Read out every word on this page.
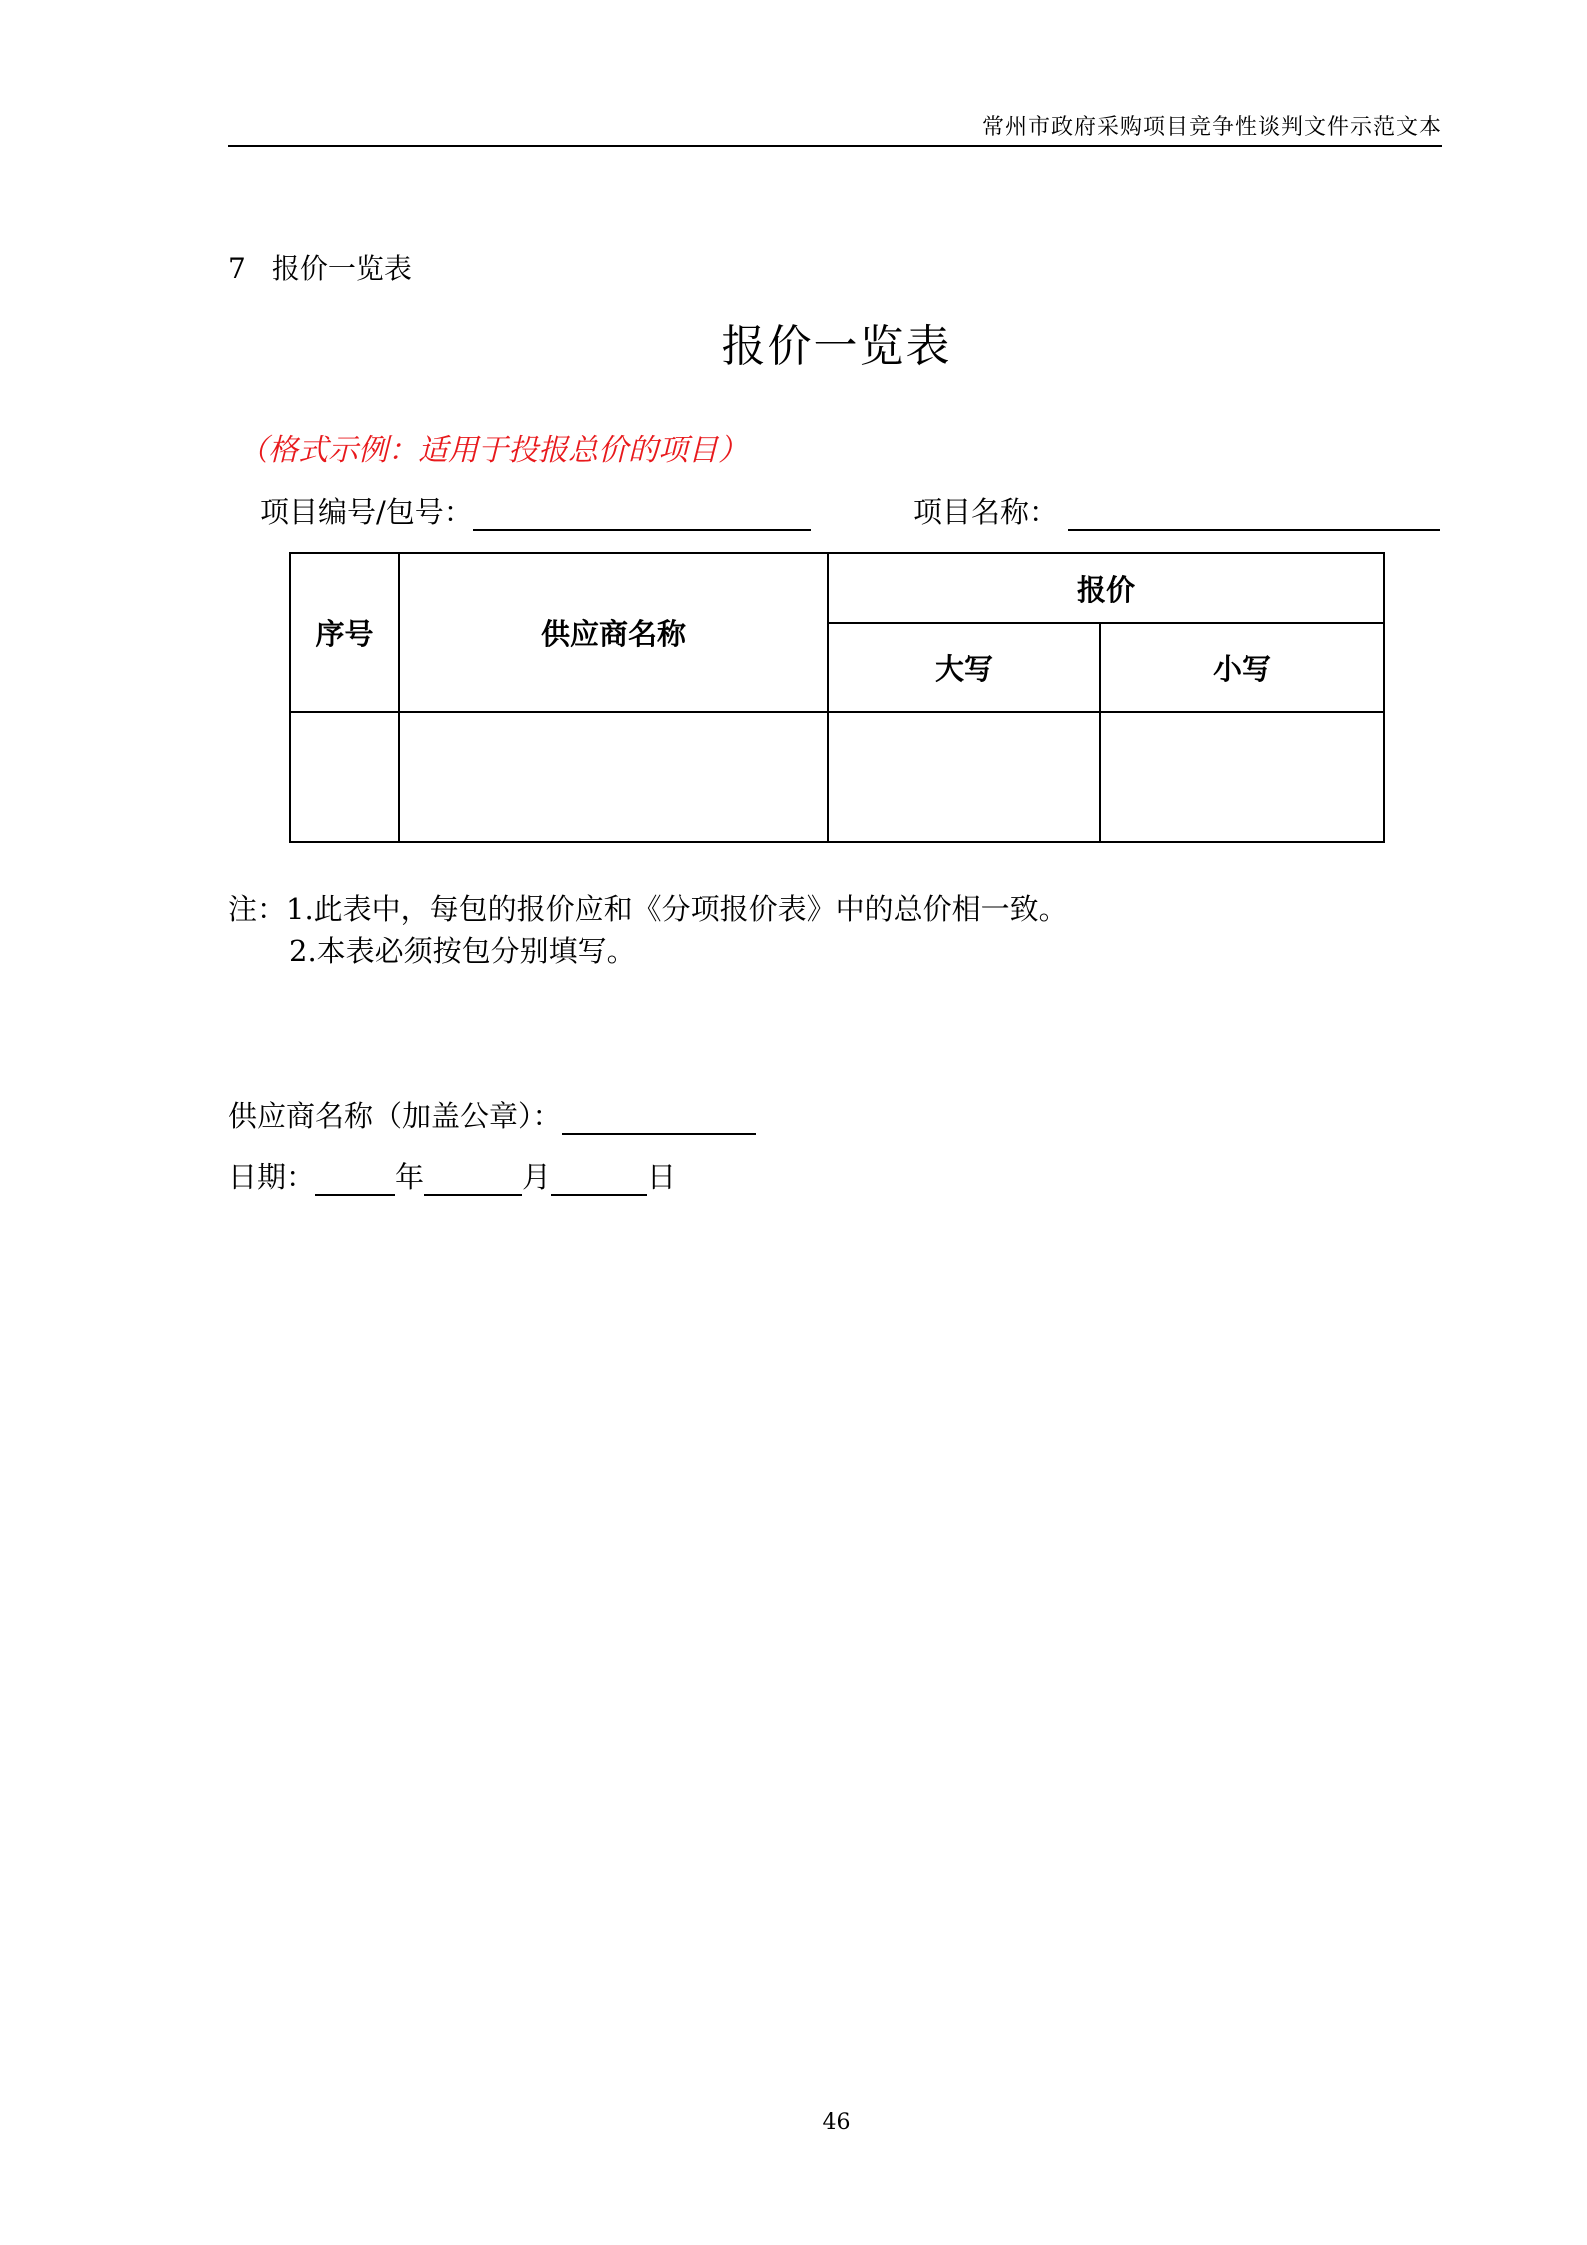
常州市政府采购项目竞争性谈判文件示范文本
7 报价一览表
报价一览表
（格式示例：适用于投报总价的项目）
项目编号/包号：	项目名称：
序号	供应商名称	报价	
		大写	小写

注：1.此表中，每包的报价应和《分项报价表》中的总价相一致。
2.本表必须按包分别填写。
供应商名称（加盖公章）：
日期：	年	月	日
46
